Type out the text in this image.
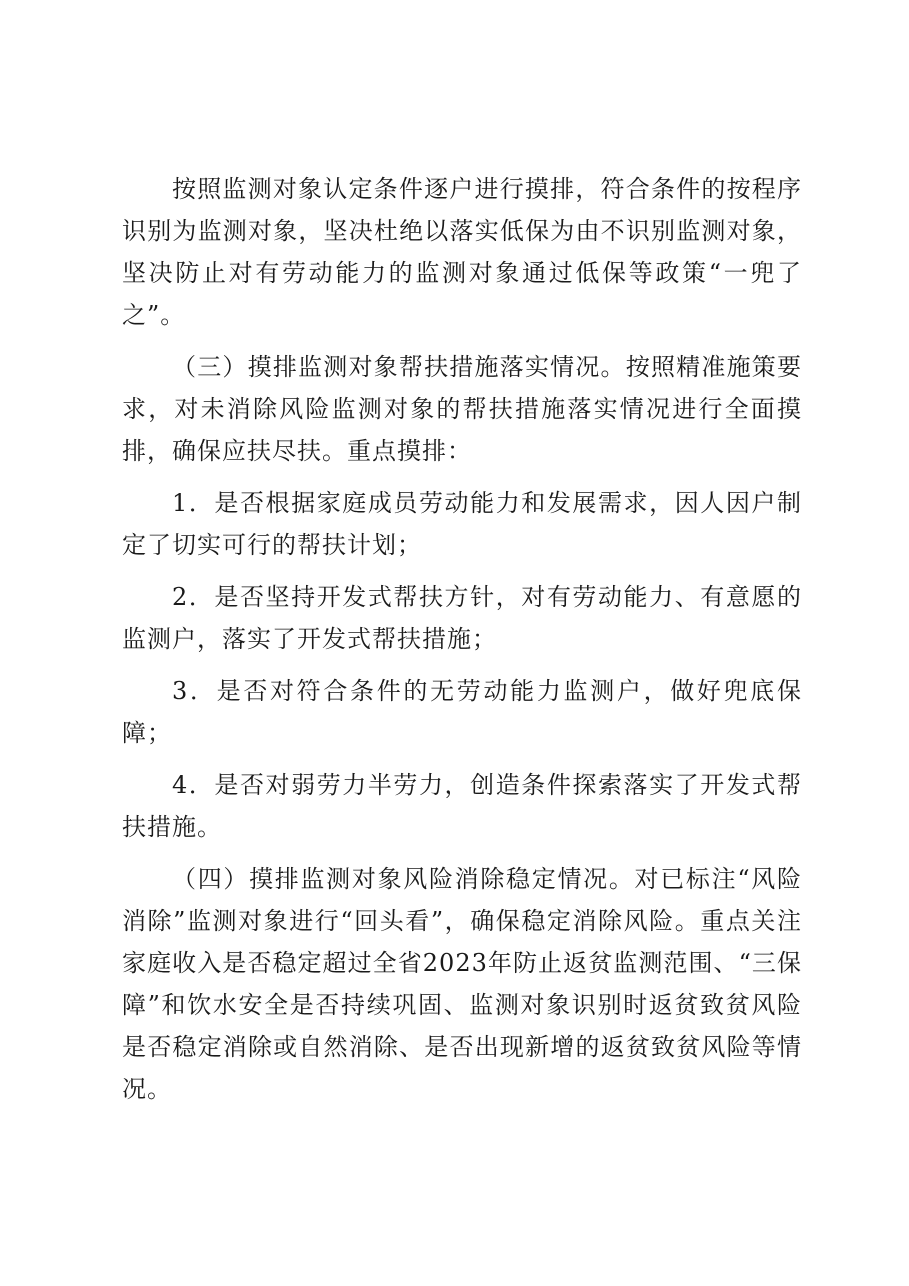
按照监测对象认定条件逐户进行摸排，符合条件的按程序识别为监测对象，坚决杜绝以落实低保为由不识别监测对象，坚决防止对有劳动能力的监测对象通过低保等政策“一兜了之”。

（三）摸排监测对象帮扶措施落实情况。按照精准施策要求，对未消除风险监测对象的帮扶措施落实情况进行全面摸排，确保应扶尽扶。重点摸排：

1．是否根据家庭成员劳动能力和发展需求，因人因户制定了切实可行的帮扶计划；

2．是否坚持开发式帮扶方针，对有劳动能力、有意愿的监测户，落实了开发式帮扶措施；

3．是否对符合条件的无劳动能力监测户，做好兜底保障；

4．是否对弱劳力半劳力，创造条件探索落实了开发式帮扶措施。

（四）摸排监测对象风险消除稳定情况。对已标注“风险消除”监测对象进行“回头看”，确保稳定消除风险。重点关注家庭收入是否稳定超过全省2023年防止返贫监测范围、“三保障”和饮水安全是否持续巩固、监测对象识别时返贫致贫风险是否稳定消除或自然消除、是否出现新增的返贫致贫风险等情况。
